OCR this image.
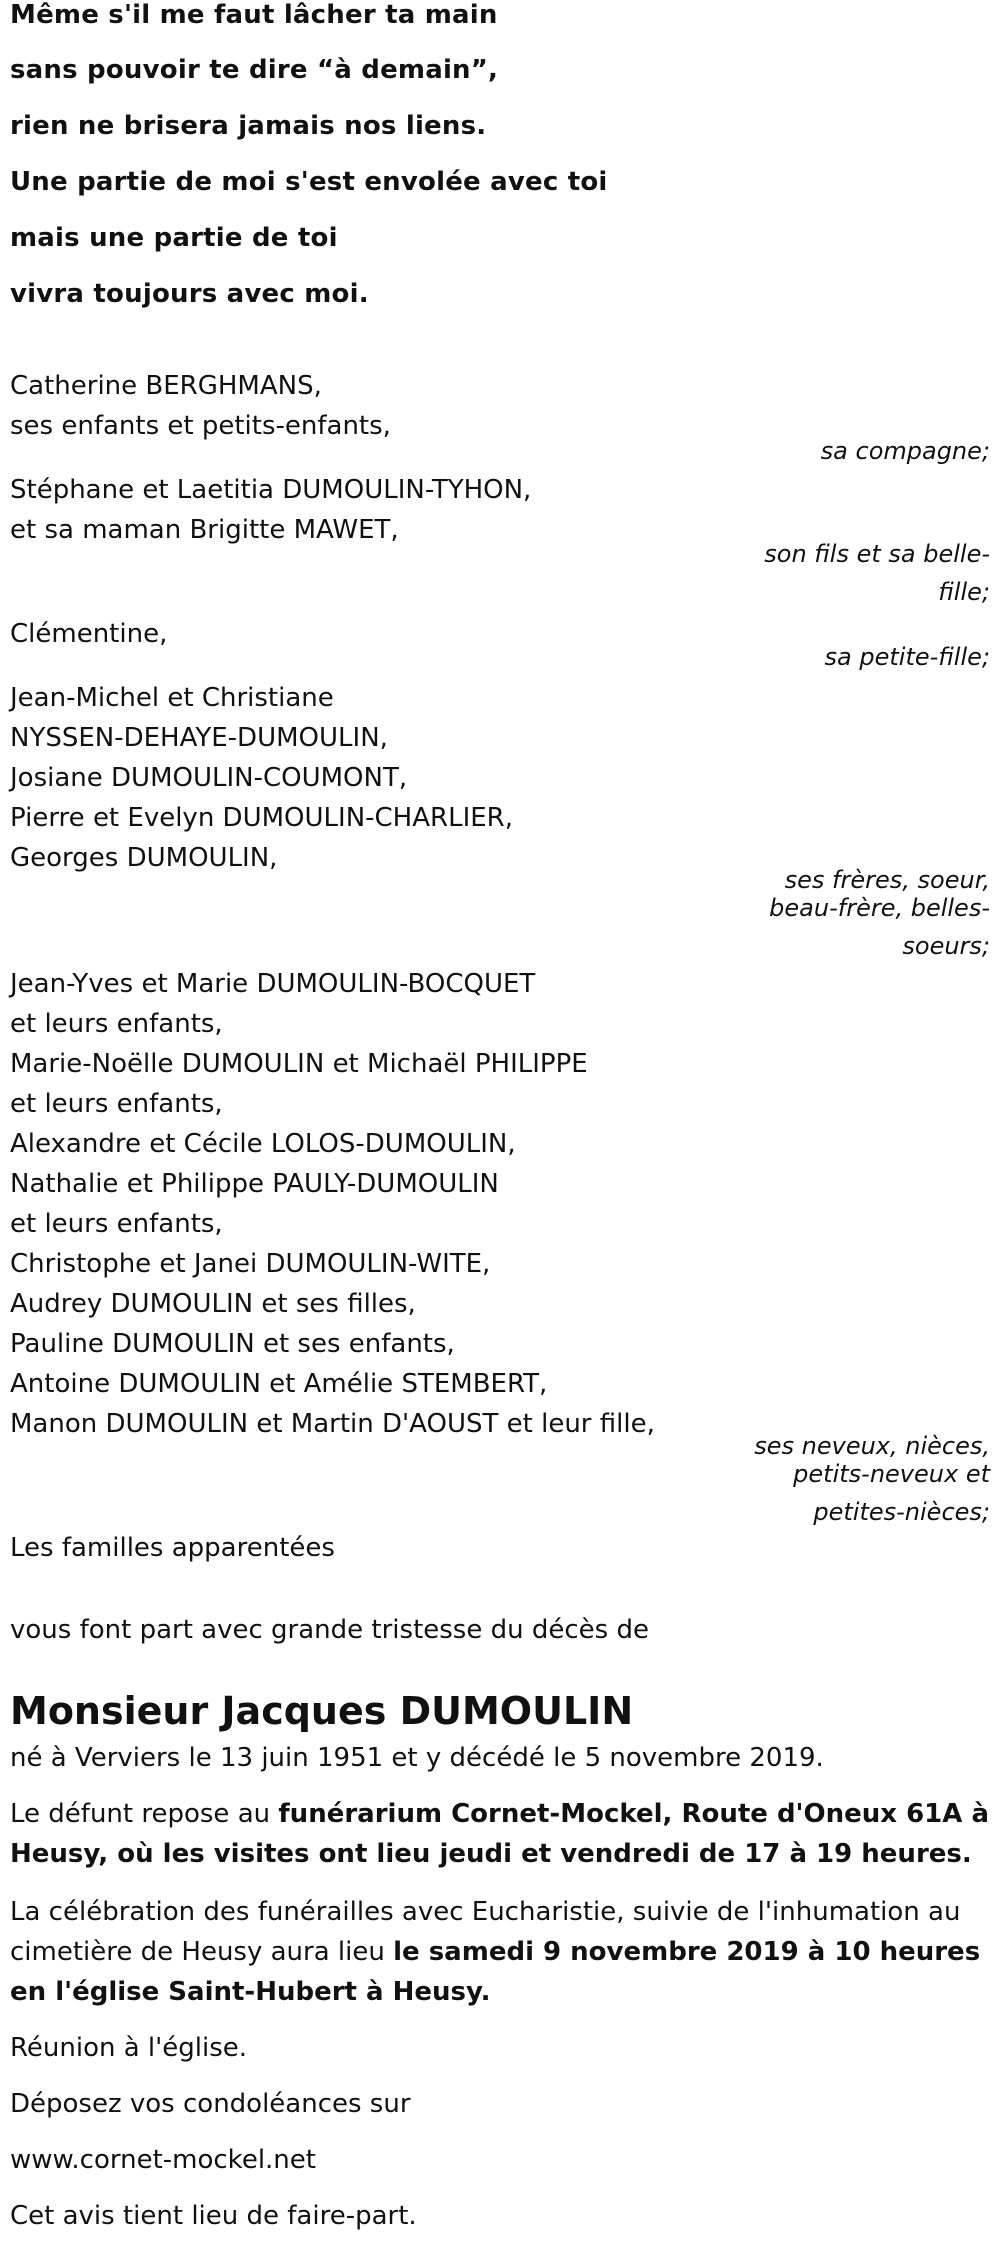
Même s'il me faut lâcher ta main
sans pouvoir te dire “à demain”,
rien ne brisera jamais nos liens.
Une partie de moi s'est envolée avec toi
mais une partie de toi
vivra toujours avec moi.

Catherine BERGHMANS,

ses enfants et petits-enfants,

sa compagne;

Stéphane et Laetitia DUMOULIN-TYHON,

et sa maman Brigitte MAWET,

son fils et sa belle-
fille;

Clémentine,

sa petite-fille;

Jean-Michel et Christiane

NYSSEN-DEHAYE-DUMOULIN,

Josiane DUMOULIN-COUMONT,

Pierre et Evelyn DUMOULIN-CHARLIER,

Georges DUMOULIN,

ses frères, soeur,
beau-frère, belles-
soeurs;

Jean-Yves et Marie DUMOULIN-BOCQUET

et leurs enfants,

Marie-Noëlle DUMOULIN et Michaël PHILIPPE

et leurs enfants,

Alexandre et Cécile LOLOS-DUMOULIN,

Nathalie et Philippe PAULY-DUMOULIN

et leurs enfants,

Christophe et Janei DUMOULIN-WITE,

Audrey DUMOULIN et ses filles,

Pauline DUMOULIN et ses enfants,

Antoine DUMOULIN et Amélie STEMBERT,

Manon DUMOULIN et Martin D'AOUST et leur fille,

ses neveux, nièces,
petits-neveux et
petites-nièces;

Les familles apparentées

vous font part avec grande tristesse du décès de

Monsieur Jacques DUMOULIN

né à Verviers le 13 juin 1951 et y décédé le 5 novembre 2019.

Le défunt repose au funérarium Cornet-Mockel, Route d'Oneux 61A à Heusy, où les visites ont lieu jeudi et vendredi de 17 à 19 heures.

La célébration des funérailles avec Eucharistie, suivie de l'inhumation au cimetière de Heusy aura lieu le samedi 9 novembre 2019 à 10 heures en l'église Saint-Hubert à Heusy.

Réunion à l'église.

Déposez vos condoléances sur

www.cornet-mockel.net

Cet avis tient lieu de faire-part.
